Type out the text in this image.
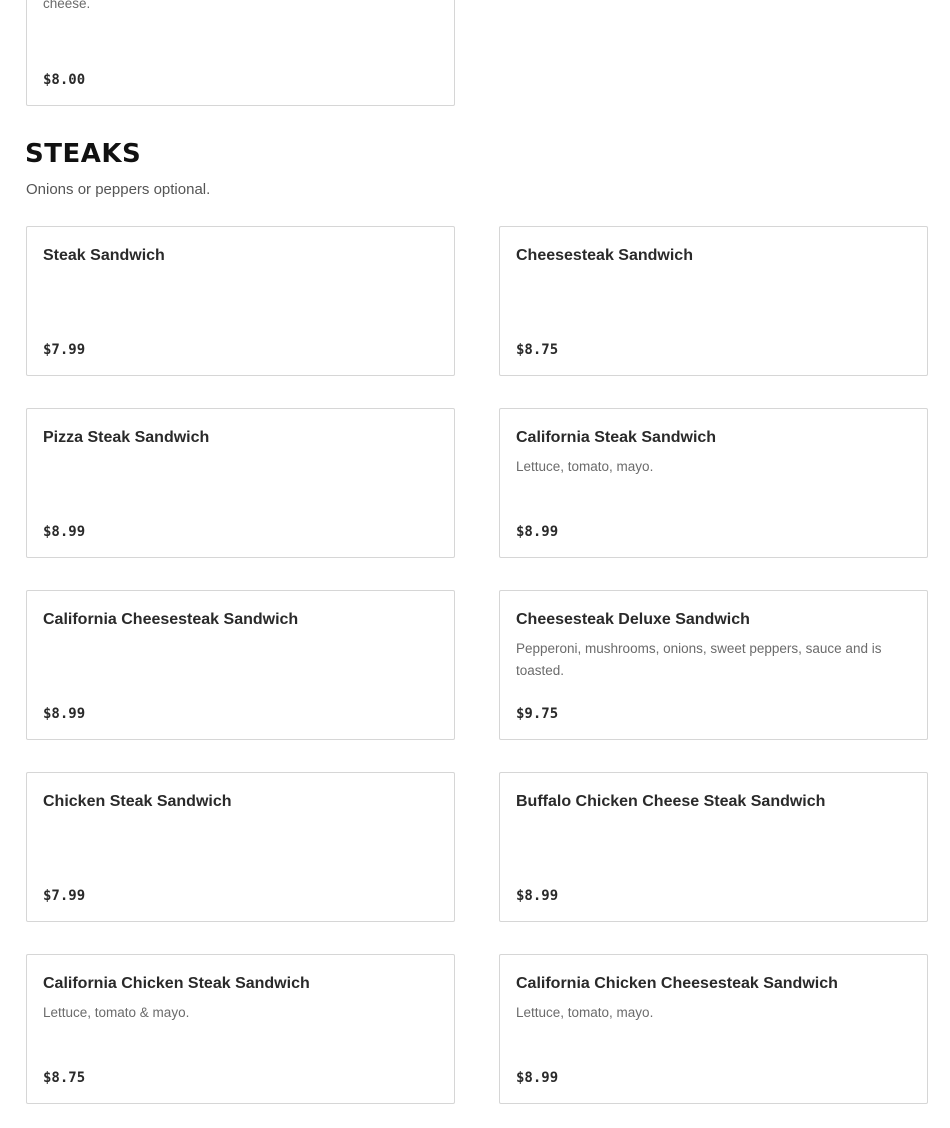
cheese.
$8.00
STEAKS
Onions or peppers optional.
Steak Sandwich
$7.99
Cheesesteak Sandwich
$8.75
Pizza Steak Sandwich
$8.99
California Steak Sandwich
Lettuce, tomato, mayo.
$8.99
California Cheesesteak Sandwich
$8.99
Cheesesteak Deluxe Sandwich
Pepperoni, mushrooms, onions, sweet peppers, sauce and is toasted.
$9.75
Chicken Steak Sandwich
$7.99
Buffalo Chicken Cheese Steak Sandwich
$8.99
California Chicken Steak Sandwich
Lettuce, tomato & mayo.
$8.75
California Chicken Cheesesteak Sandwich
Lettuce, tomato, mayo.
$8.99
